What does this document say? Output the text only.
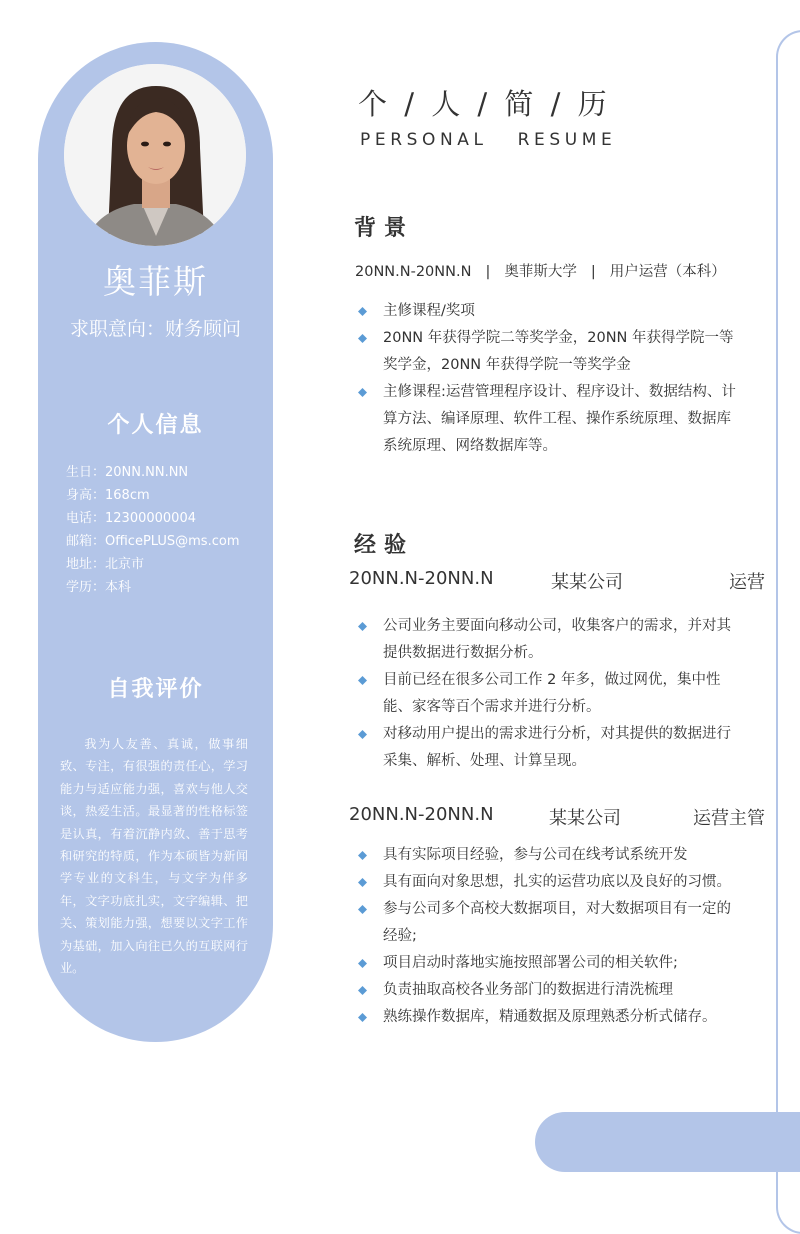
奥菲斯
求职意向：财务顾问
个人信息
生日：20NN.NN.NN
身高：168cm
电话：12300000004
邮箱：OfficePLUS@ms.com
地址：北京市
学历：本科
自我评价
我为人友善、真诚，做事细致、专注，有很强的责任心，学习能力与适应能力强，喜欢与他人交谈，热爱生活。最显著的性格标签是认真，有着沉静内敛、善于思考和研究的特质，作为本硕皆为新闻学专业的文科生，与文字为伴多年，文字功底扎实，文字编辑、把关、策划能力强，想要以文字工作为基础，加入向往已久的互联网行业。
个 / 人 / 简 / 历
PERSONAL   RESUME
背景
20NN.N-20NN.N | 奥菲斯大学 | 用户运营（本科）
主修课程/奖项
20NN 年获得学院二等奖学金，20NN 年获得学院一等奖学金，20NN 年获得学院一等奖学金
主修课程:运营管理程序设计、程序设计、数据结构、计算方法、编译原理、软件工程、操作系统原理、数据库系统原理、网络数据库等。
经验
20NN.N-20NN.N	某某公司	运营
公司业务主要面向移动公司，收集客户的需求，并对其提供数据进行数据分析。
目前已经在很多公司工作 2 年多，做过网优，集中性能、家客等百个需求并进行分析。
对移动用户提出的需求进行分析，对其提供的数据进行采集、解析、处理、计算呈现。
20NN.N-20NN.N	某某公司	运营主管
具有实际项目经验，参与公司在线考试系统开发
具有面向对象思想，扎实的运营功底以及良好的习惯。
参与公司多个高校大数据项目，对大数据项目有一定的经验;
项目启动时落地实施按照部署公司的相关软件;
负责抽取高校各业务部门的数据进行清洗梳理
熟练操作数据库，精通数据及原理熟悉分析式储存。
